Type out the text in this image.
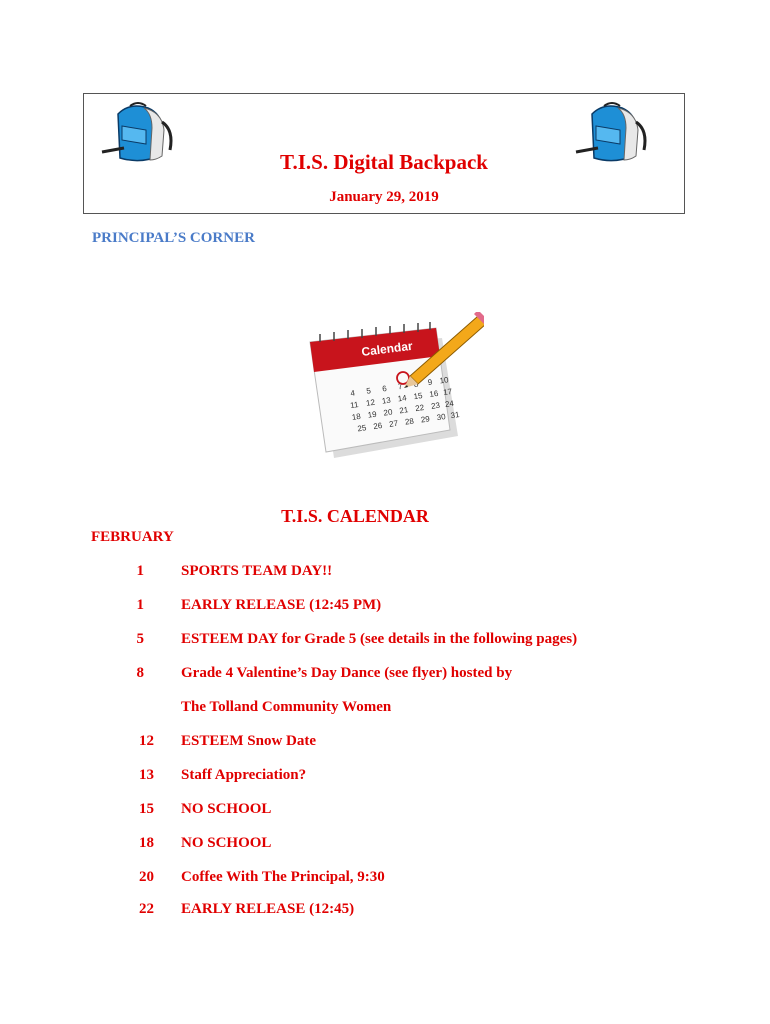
T.I.S. Digital Backpack
January 29, 2019
PRINCIPAL’S CORNER
Calendar
4 5 6 7	9 10
11 12 13 14 15 16 17
18 19 20 21 22 23 24
25 26 27 28 29 30 31
T.I.S. CALENDAR
FEBRUARY
1 SPORTS TEAM DAY!!
1 EARLY RELEASE (12:45 PM)
5 ESTEEM DAY for Grade 5 (see details in the following pages)
8 Grade 4 Valentine’s Day Dance (see flyer) hosted by
The Tolland Community Women
12 ESTEEM Snow Date
13 Staff Appreciation?
15 NO SCHOOL
18 NO SCHOOL
20 Coffee With The Principal, 9:30
22 EARLY RELEASE (12:45)
